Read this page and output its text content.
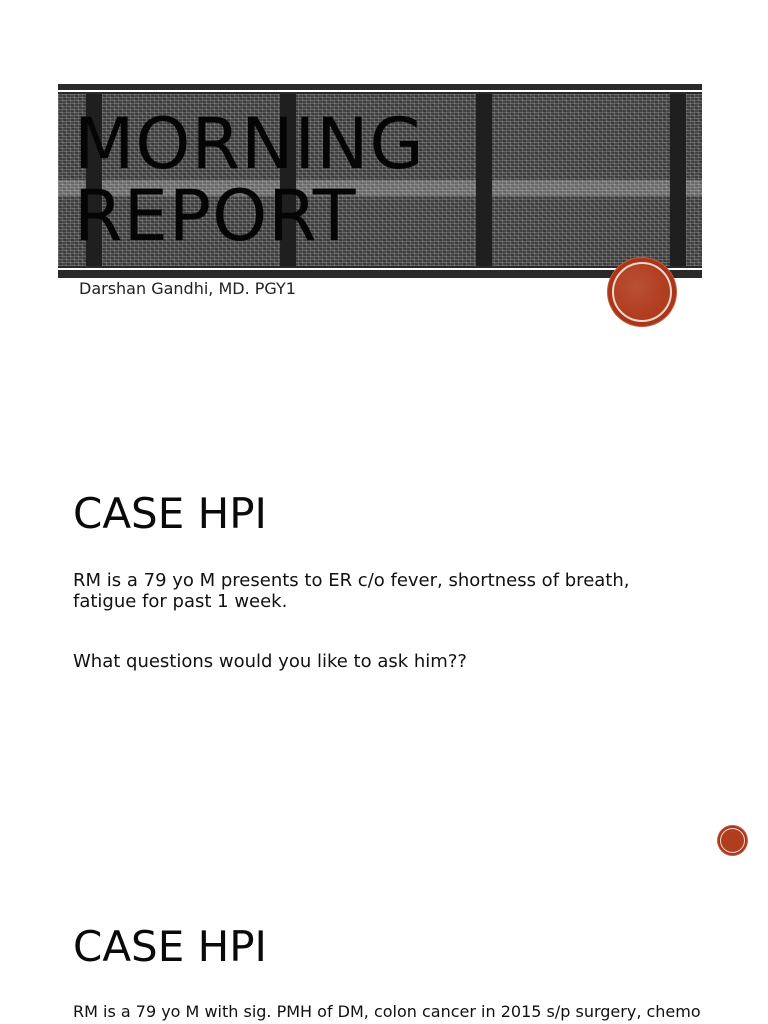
MORNING
REPORT
Darshan Gandhi, MD. PGY1
CASE HPI

RM is a 79 yo M presents to ER c/o fever, shortness of breath, fatigue for past 1 week.

What questions would you like to ask him??

CASE HPI

RM is a 79 yo M with sig. PMH of DM, colon cancer in 2015 s/p surgery, chemo
